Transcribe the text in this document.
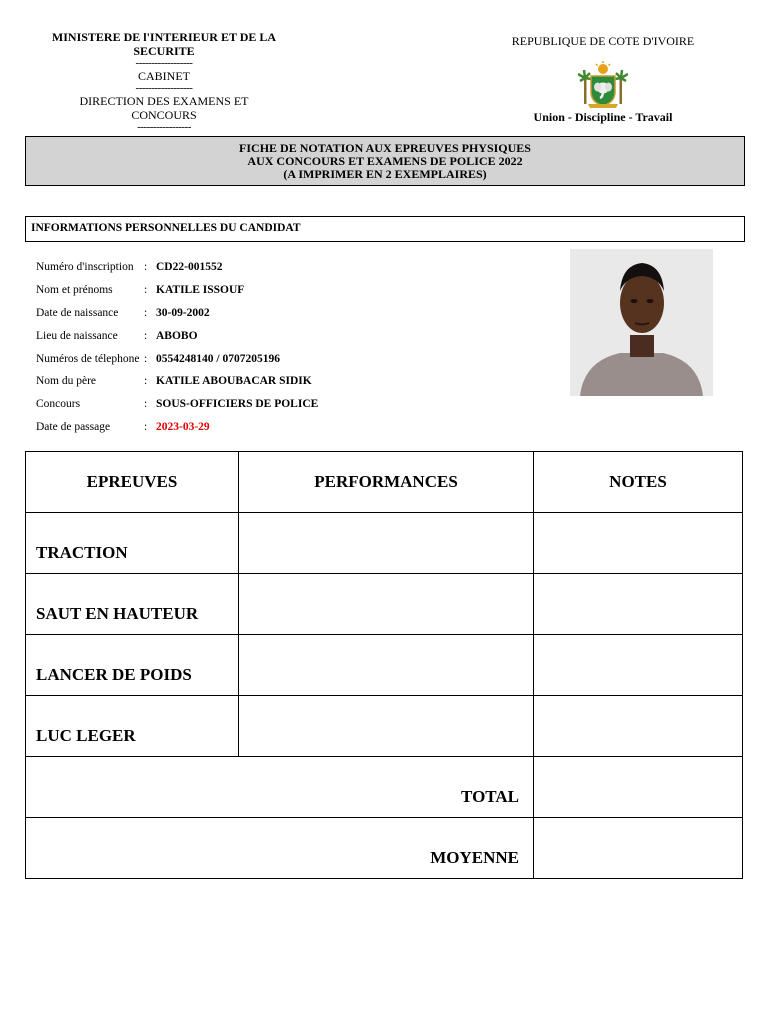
MINISTERE DE l'INTERIEUR ET DE LA SECURITE
------------------
CABINET
------------------
DIRECTION DES EXAMENS ET CONCOURS
-----------------
REPUBLIQUE DE COTE D'IVOIRE
Union - Discipline - Travail
FICHE DE NOTATION AUX EPREUVES PHYSIQUES
AUX CONCOURS ET EXAMENS DE POLICE 2022
(A IMPRIMER EN 2 EXEMPLAIRES)
INFORMATIONS PERSONNELLES DU CANDIDAT
Numéro d'inscription : CD22-001552
Nom et prénoms	: KATILE ISSOUF
Date de naissance	: 30-09-2002
Lieu de naissance	: ABOBO
Numéros de télephone : 0554248140 / 0707205196
Nom du père	: KATILE ABOUBACAR SIDIK
Concours	: SOUS-OFFICIERS DE POLICE
Date de passage	: 2023-03-29
EPREUVES	PERFORMANCES	NOTES
TRACTION		
SAUT EN HAUTEUR		
LANCER DE POIDS		
LUC LEGER		
TOTAL		
MOYENNE		
